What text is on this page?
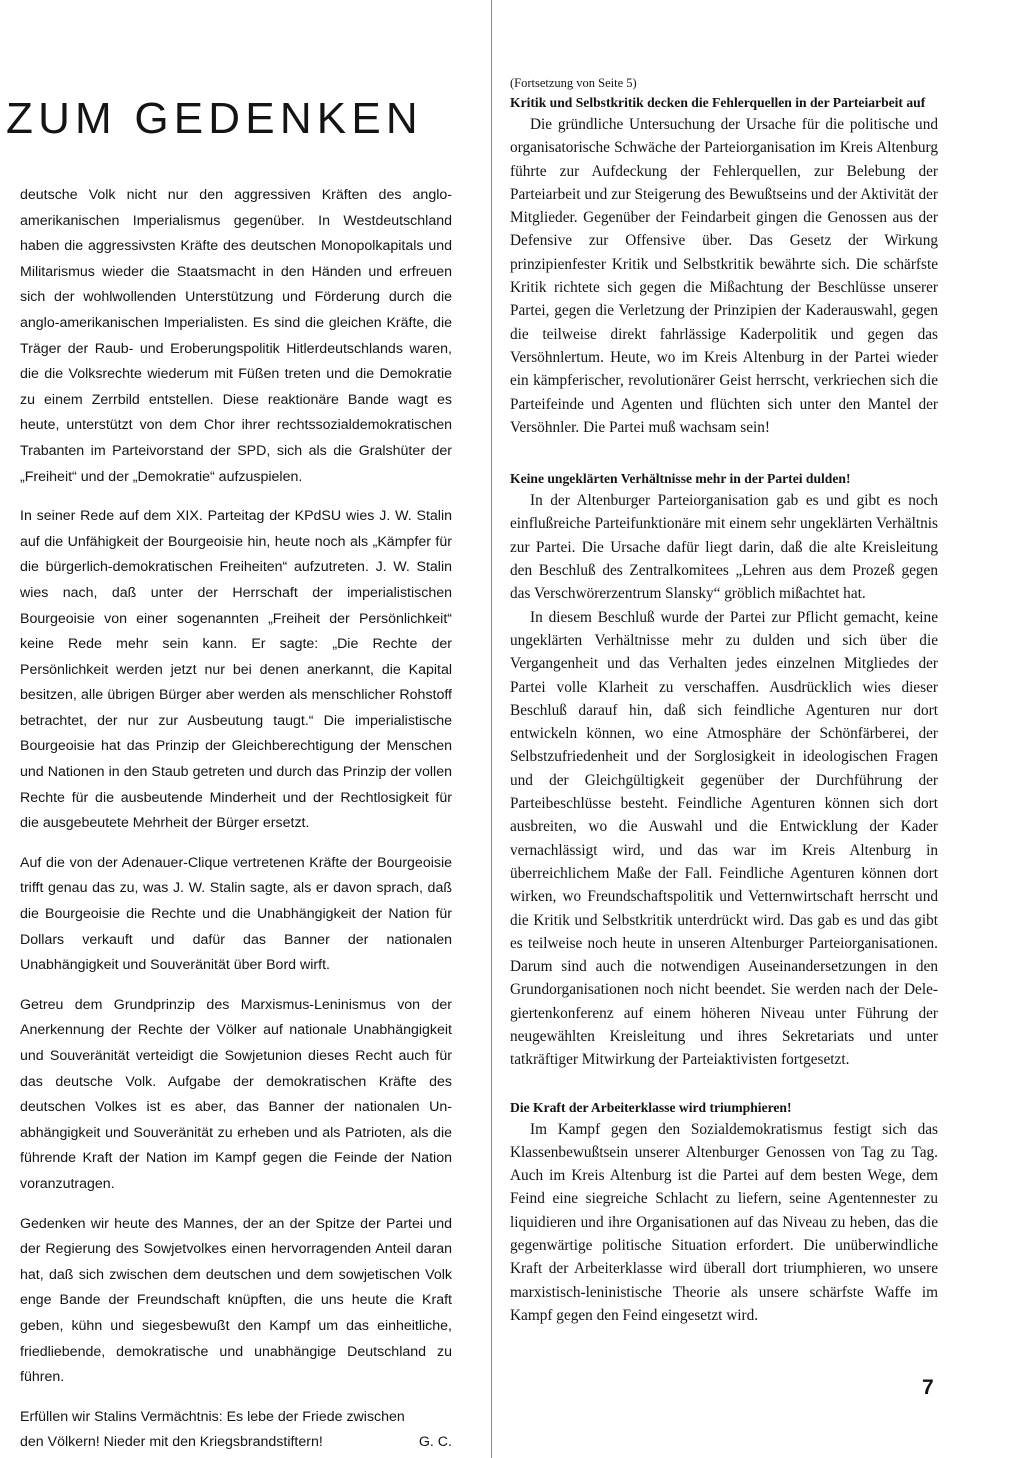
ZUM GEDENKEN

deutsche Volk nicht nur den aggressiven Kräften des angloamerikanischen Imperialismus gegenüber. In Westdeutschland haben die aggressivsten Kräfte des deutschen Monopolkapitals und Militarismus wieder die Staatsmacht in den Händen und erfreuen sich der wohlwollenden Unterstützung und Förderung durch die anglo-amerikanischen Imperialisten. Es sind die gleichen Kräfte, die Träger der Raub- und Eroberungspolitik Hitlerdeutschlands waren, die die Volksrechte wiederum mit Füßen treten und die Demokratie zu einem Zerrbild entstellen. Diese reaktionäre Bande wagt es heute, unterstützt von dem Chor ihrer rechtssozialdemokratischen Trabanten im Parteivorstand der SPD, sich als die Gralshüter der „Freiheit“ und der „Demokratie“ aufzuspielen.

In seiner Rede auf dem XIX. Parteitag der KPdSU wies J. W. Stalin auf die Unfähigkeit der Bourgeoisie hin, heute noch als „Kämpfer für die bürgerlich-demokratischen Freiheiten“ aufzutreten. J. W. Stalin wies nach, daß unter der Herrschaft der imperialistischen Bourgeoisie von einer sogenannten „Freiheit der Persönlichkeit“ keine Rede mehr sein kann. Er sagte: „Die Rechte der Persönlichkeit werden jetzt nur bei denen anerkannt, die Kapital besitzen, alle übrigen Bürger aber werden als menschlicher Rohstoff betrachtet, der nur zur Ausbeutung taugt.“ Die imperialistische Bourgeoisie hat das Prinzip der Gleichberechtigung der Menschen und Nationen in den Staub getreten und durch das Prinzip der vollen Rechte für die ausbeutende Minderheit und der Rechtlosigkeit für die ausgebeutete Mehrheit der Bürger ersetzt.

Auf die von der Adenauer-Clique vertretenen Kräfte der Bourgeoisie trifft genau das zu, was J. W. Stalin sagte, als er davon sprach, daß die Bourgeoisie die Rechte und die Unabhängigkeit der Nation für Dollars verkauft und dafür das Banner der nationalen Unabhängigkeit und Souveränität über Bord wirft.

Getreu dem Grundprinzip des Marxismus-Leninismus von der Anerkennung der Rechte der Völker auf nationale Unabhängigkeit und Souveränität verteidigt die Sowjetunion dieses Recht auch für das deutsche Volk. Aufgabe der demokratischen Kräfte des deutschen Volkes ist es aber, das Banner der nationalen Unabhängigkeit und Souveränität zu erheben und als Patrioten, als die führende Kraft der Nation im Kampf gegen die Feinde der Nation voranzutragen.

Gedenken wir heute des Mannes, der an der Spitze der Partei und der Regierung des Sowjetvolkes einen hervorragenden Anteil daran hat, daß sich zwischen dem deutschen und dem sowjetischen Volk enge Bande der Freundschaft knüpften, die uns heute die Kraft geben, kühn und siegesbewußt den Kampf um das einheitliche, friedliebende, demokratische und unabhängige Deutschland zu führen.

Erfüllen wir Stalins Vermächtnis: Es lebe der Friede zwischen
den Völkern! Nieder mit den Kriegsbrandstiftern!	G. C.
(Fortsetzung von Seite 5)
Kritik und Selbstkritik decken die Fehlerquellen in der Parteiarbeit auf

Die gründliche Untersuchung der Ursache für die politische und organisatorische Schwäche der Parteiorganisation im Kreis Altenburg führte zur Aufdeckung der Fehlerquellen, zur Belebung der Parteiarbeit und zur Steigerung des Bewußtseins und der Aktivität der Mitglieder. Gegenüber der Feindarbeit gingen die Genossen aus der Defensive zur Offensive über. Das Gesetz der Wirkung prinzipienfester Kritik und Selbstkritik bewährte sich. Die schärfste Kritik richtete sich gegen die Mißachtung der Beschlüsse unserer Partei, gegen die Verletzung der Prinzipien der Kaderauswahl, gegen die teilweise direkt fahrlässige Kaderpolitik und gegen das Versöhnlertum. Heute, wo im Kreis Altenburg in der Partei wieder ein kämpferischer, revolutionärer Geist herrscht, verkriechen sich die Parteifeinde und Agenten und flüchten sich unter den Mantel der Versöhnler. Die Partei muß wachsam sein!

Keine ungeklärten Verhältnisse mehr in der Partei dulden!

In der Altenburger Parteiorganisation gab es und gibt es noch einflußreiche Parteifunktionäre mit einem sehr ungeklärten Verhältnis zur Partei. Die Ursache dafür liegt darin, daß die alte Kreisleitung den Beschluß des Zentralkomitees „Lehren aus dem Prozeß gegen das Verschwörerzentrum Slansky“ gröblich mißachtet hat.

In diesem Beschluß wurde der Partei zur Pflicht gemacht, keine ungeklärten Verhältnisse mehr zu dulden und sich über die Vergangenheit und das Verhalten jedes einzelnen Mitgliedes der Partei volle Klarheit zu verschaffen. Ausdrücklich wies dieser Beschluß darauf hin, daß sich feindliche Agenturen nur dort entwickeln können, wo eine Atmosphäre der Schönfärberei, der Selbstzufriedenheit und der Sorglosigkeit in ideologischen Fragen und der Gleichgültigkeit gegenüber der Durchführung der Parteibeschlüsse besteht. Feindliche Agenturen können sich dort ausbreiten, wo die Auswahl und die Entwicklung der Kader vernachlässigt wird, und das war im Kreis Altenburg in überreichlichem Maße der Fall. Feindliche Agenturen können dort wirken, wo Freundschaftspolitik und Vetternwirtschaft herrscht und die Kritik und Selbstkritik unterdrückt wird. Das gab es und das gibt es teilweise noch heute in unseren Altenburger Parteiorganisationen. Darum sind auch die notwendigen Auseinandersetzungen in den Grundorganisationen noch nicht beendet. Sie werden nach der Delegiertenkonferenz auf einem höheren Niveau unter Führung der neugewählten Kreisleitung und ihres Sekretariats und unter tatkräftiger Mitwirkung der Parteiaktivisten fortgesetzt.

Die Kraft der Arbeiterklasse wird triumphieren!

Im Kampf gegen den Sozialdemokratismus festigt sich das Klassenbewußtsein unserer Altenburger Genossen von Tag zu Tag. Auch im Kreis Altenburg ist die Partei auf dem besten Wege, dem Feind eine siegreiche Schlacht zu liefern, seine Agentennester zu liquidieren und ihre Organisationen auf das Niveau zu heben, das die gegenwärtige politische Situation erfordert. Die unüberwindliche Kraft der Arbeiterklasse wird überall dort triumphieren, wo unsere marxistisch-leninistische Theorie als unsere schärfste Waffe im Kampf gegen den Feind eingesetzt wird.

7
